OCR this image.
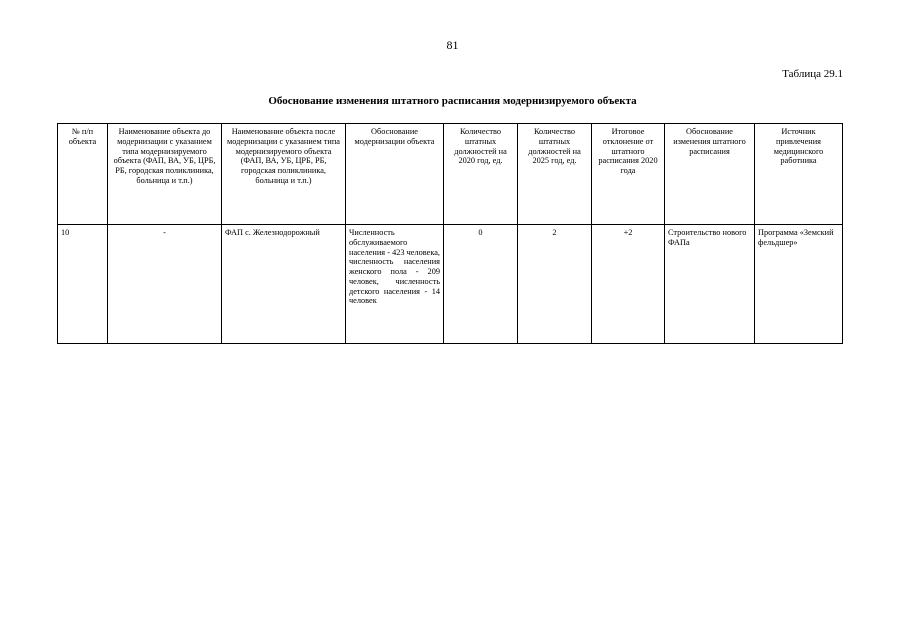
81
Таблица 29.1
Обоснование изменения штатного расписания модернизируемого объекта
№ п/п объекта	Наименование объекта до модернизации с указанием типа модернизируемого объекта (ФАП, ВА, УБ, ЦРБ, РБ, городская поликлиника, больница и т.п.)	Наименование объекта после модернизации с указанием типа модернизируемого объекта (ФАП, ВА, УБ, ЦРБ, РБ, городская поликлиника, больница и т.п.)	Обоснование модернизации объекта	Количество штатных должностей на 2020 год, ед.	Количество штатных должностей на 2025 год, ед.	Итоговое отклонение от штатного расписания 2020 года	Обоснование изменения штатного расписания	Источник привлечения медицинского работника
10	-	ФАП с. Железнодорожный	Численность обслуживаемого населения - 423 человека, численность населения женского пола - 209 человек, численность детского населения - 14 человек	0	2	+2	Строительство нового ФАПа	Программа «Земский фельдшер»
